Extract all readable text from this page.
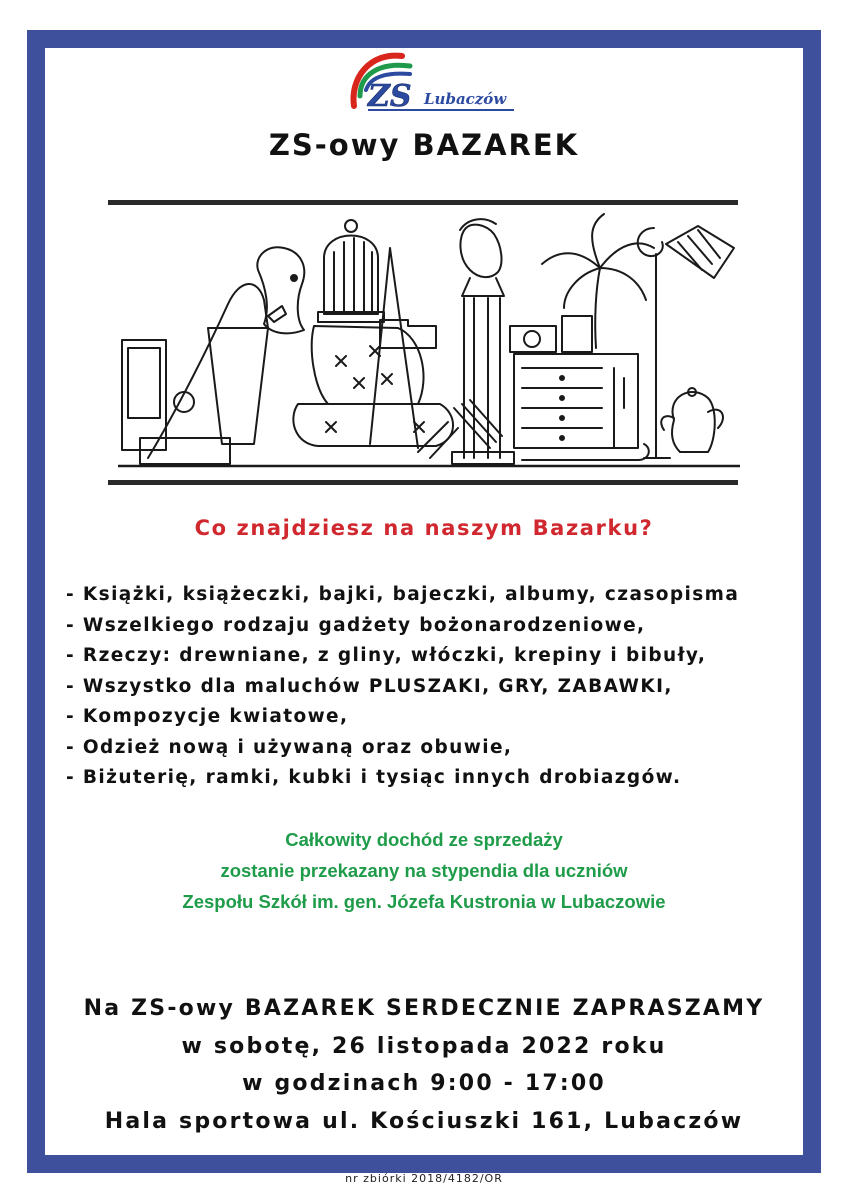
ZS Lubaczów
ZS-owy BAZAREK
Co znajdziesz na naszym Bazarku?
- Książki, książeczki, bajki, bajeczki, albumy, czasopisma
- Wszelkiego rodzaju gadżety bożonarodzeniowe,
- Rzeczy: drewniane, z gliny, włóczki, krepiny i bibuły,
- Wszystko dla maluchów PLUSZAKI, GRY, ZABAWKI,
- Kompozycje kwiatowe,
- Odzież nową i używaną oraz obuwie,
- Biżuterię, ramki, kubki i tysiąc innych drobiazgów.
Całkowity dochód ze sprzedaży
zostanie przekazany na stypendia dla uczniów
Zespołu Szkół im. gen. Józefa Kustronia w Lubaczowie
Na ZS-owy BAZAREK SERDECZNIE ZAPRASZAMY
w sobotę, 26 listopada 2022 roku
w godzinach 9:00 - 17:00
Hala sportowa ul. Kościuszki 161, Lubaczów
nr zbiórki 2018/4182/OR
